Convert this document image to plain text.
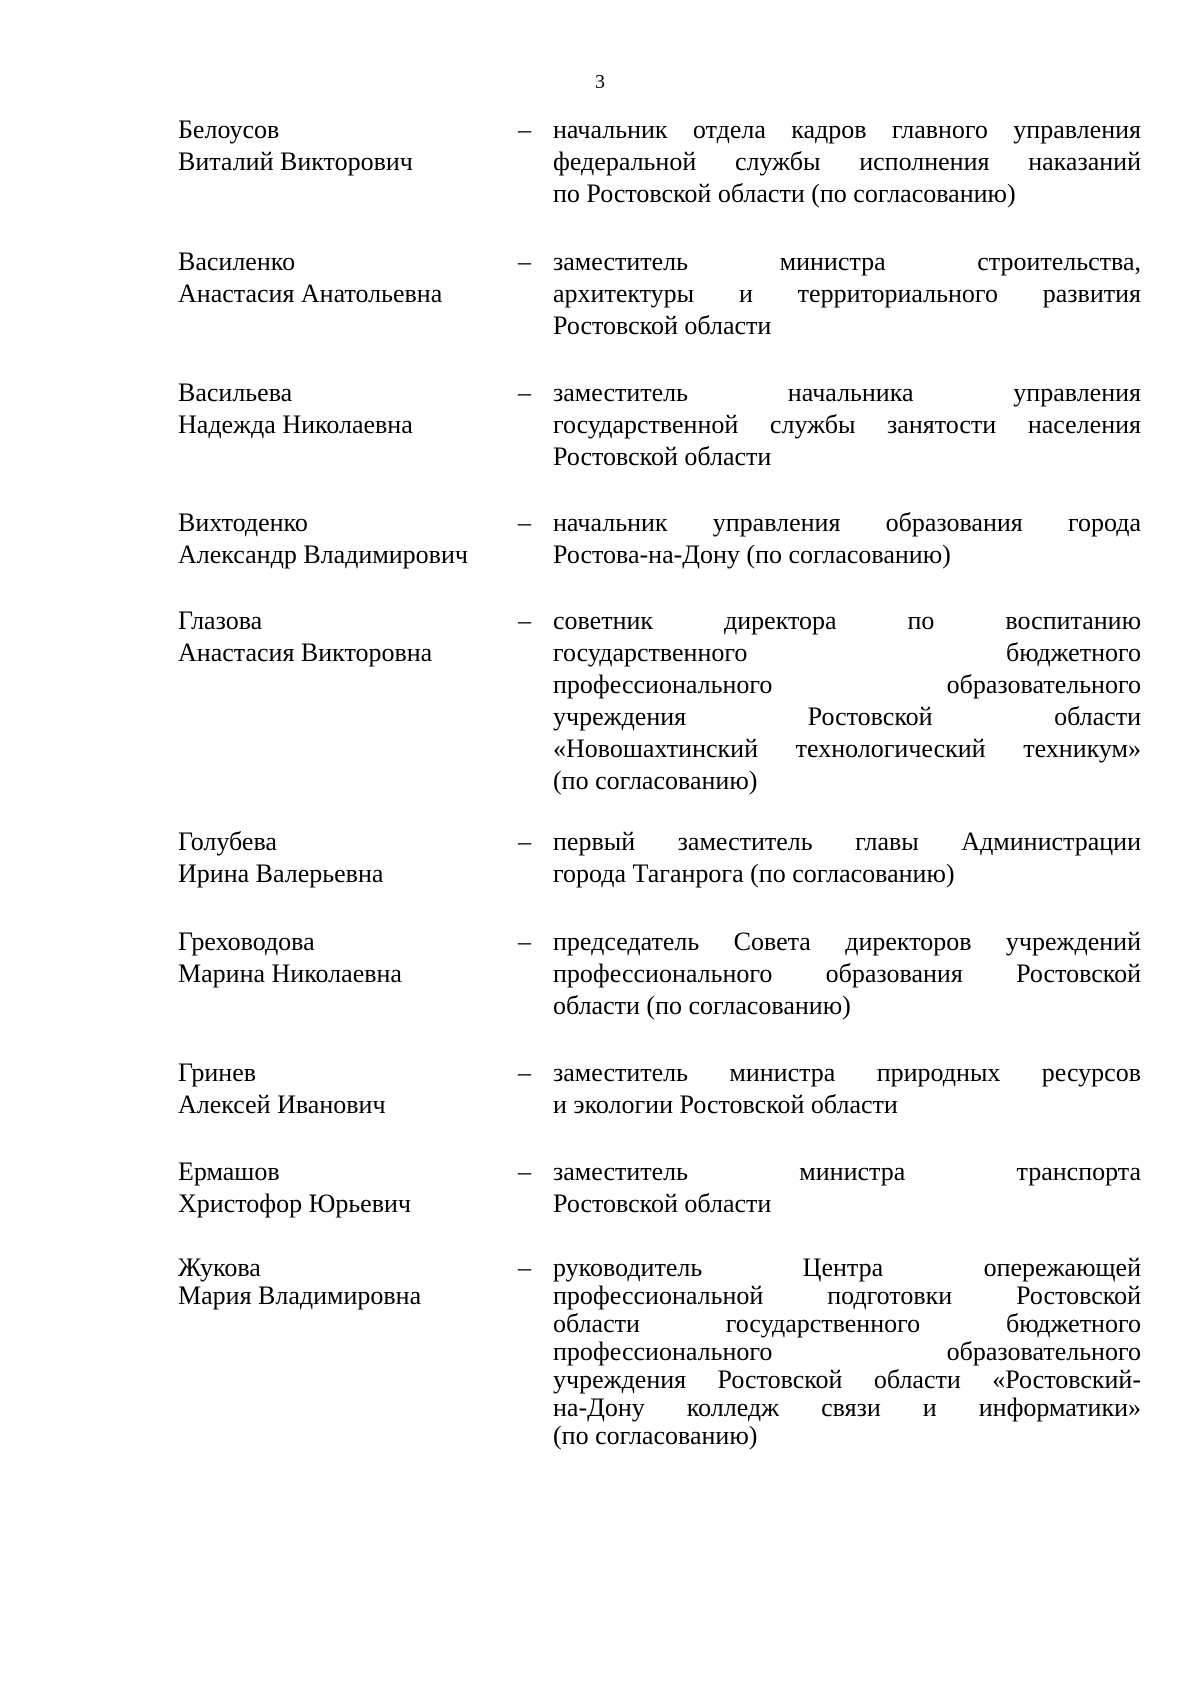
3
Белоусов
Виталий Викторович
– начальник отдела кадров главного управления
федеральной службы исполнения наказаний
по Ростовской области (по согласованию)
Василенко
Анастасия Анатольевна
– заместитель министра строительства,
архитектуры и территориального развития
Ростовской области
Васильева
Надежда Николаевна
– заместитель начальника управления
государственной службы занятости населения
Ростовской области
Вихтоденко
Александр Владимирович
– начальник управления образования города
Ростова-на-Дону (по согласованию)
Глазова
Анастасия Викторовна
– советник директора по воспитанию
государственного бюджетного
профессионального образовательного
учреждения Ростовской области
«Новошахтинский технологический техникум»
(по согласованию)
Голубева
Ирина Валерьевна
– первый заместитель главы Администрации
города Таганрога (по согласованию)
Греховодова
Марина Николаевна
– председатель Совета директоров учреждений
профессионального образования Ростовской
области (по согласованию)
Гринев
Алексей Иванович
– заместитель министра природных ресурсов
и экологии Ростовской области
Ермашов
Христофор Юрьевич
– заместитель министра транспорта
Ростовской области
Жукова
Мария Владимировна
– руководитель Центра опережающей
профессиональной подготовки Ростовской
области государственного бюджетного
профессионального образовательного
учреждения Ростовской области «Ростовский-
на-Дону колледж связи и информатики»
(по согласованию)
